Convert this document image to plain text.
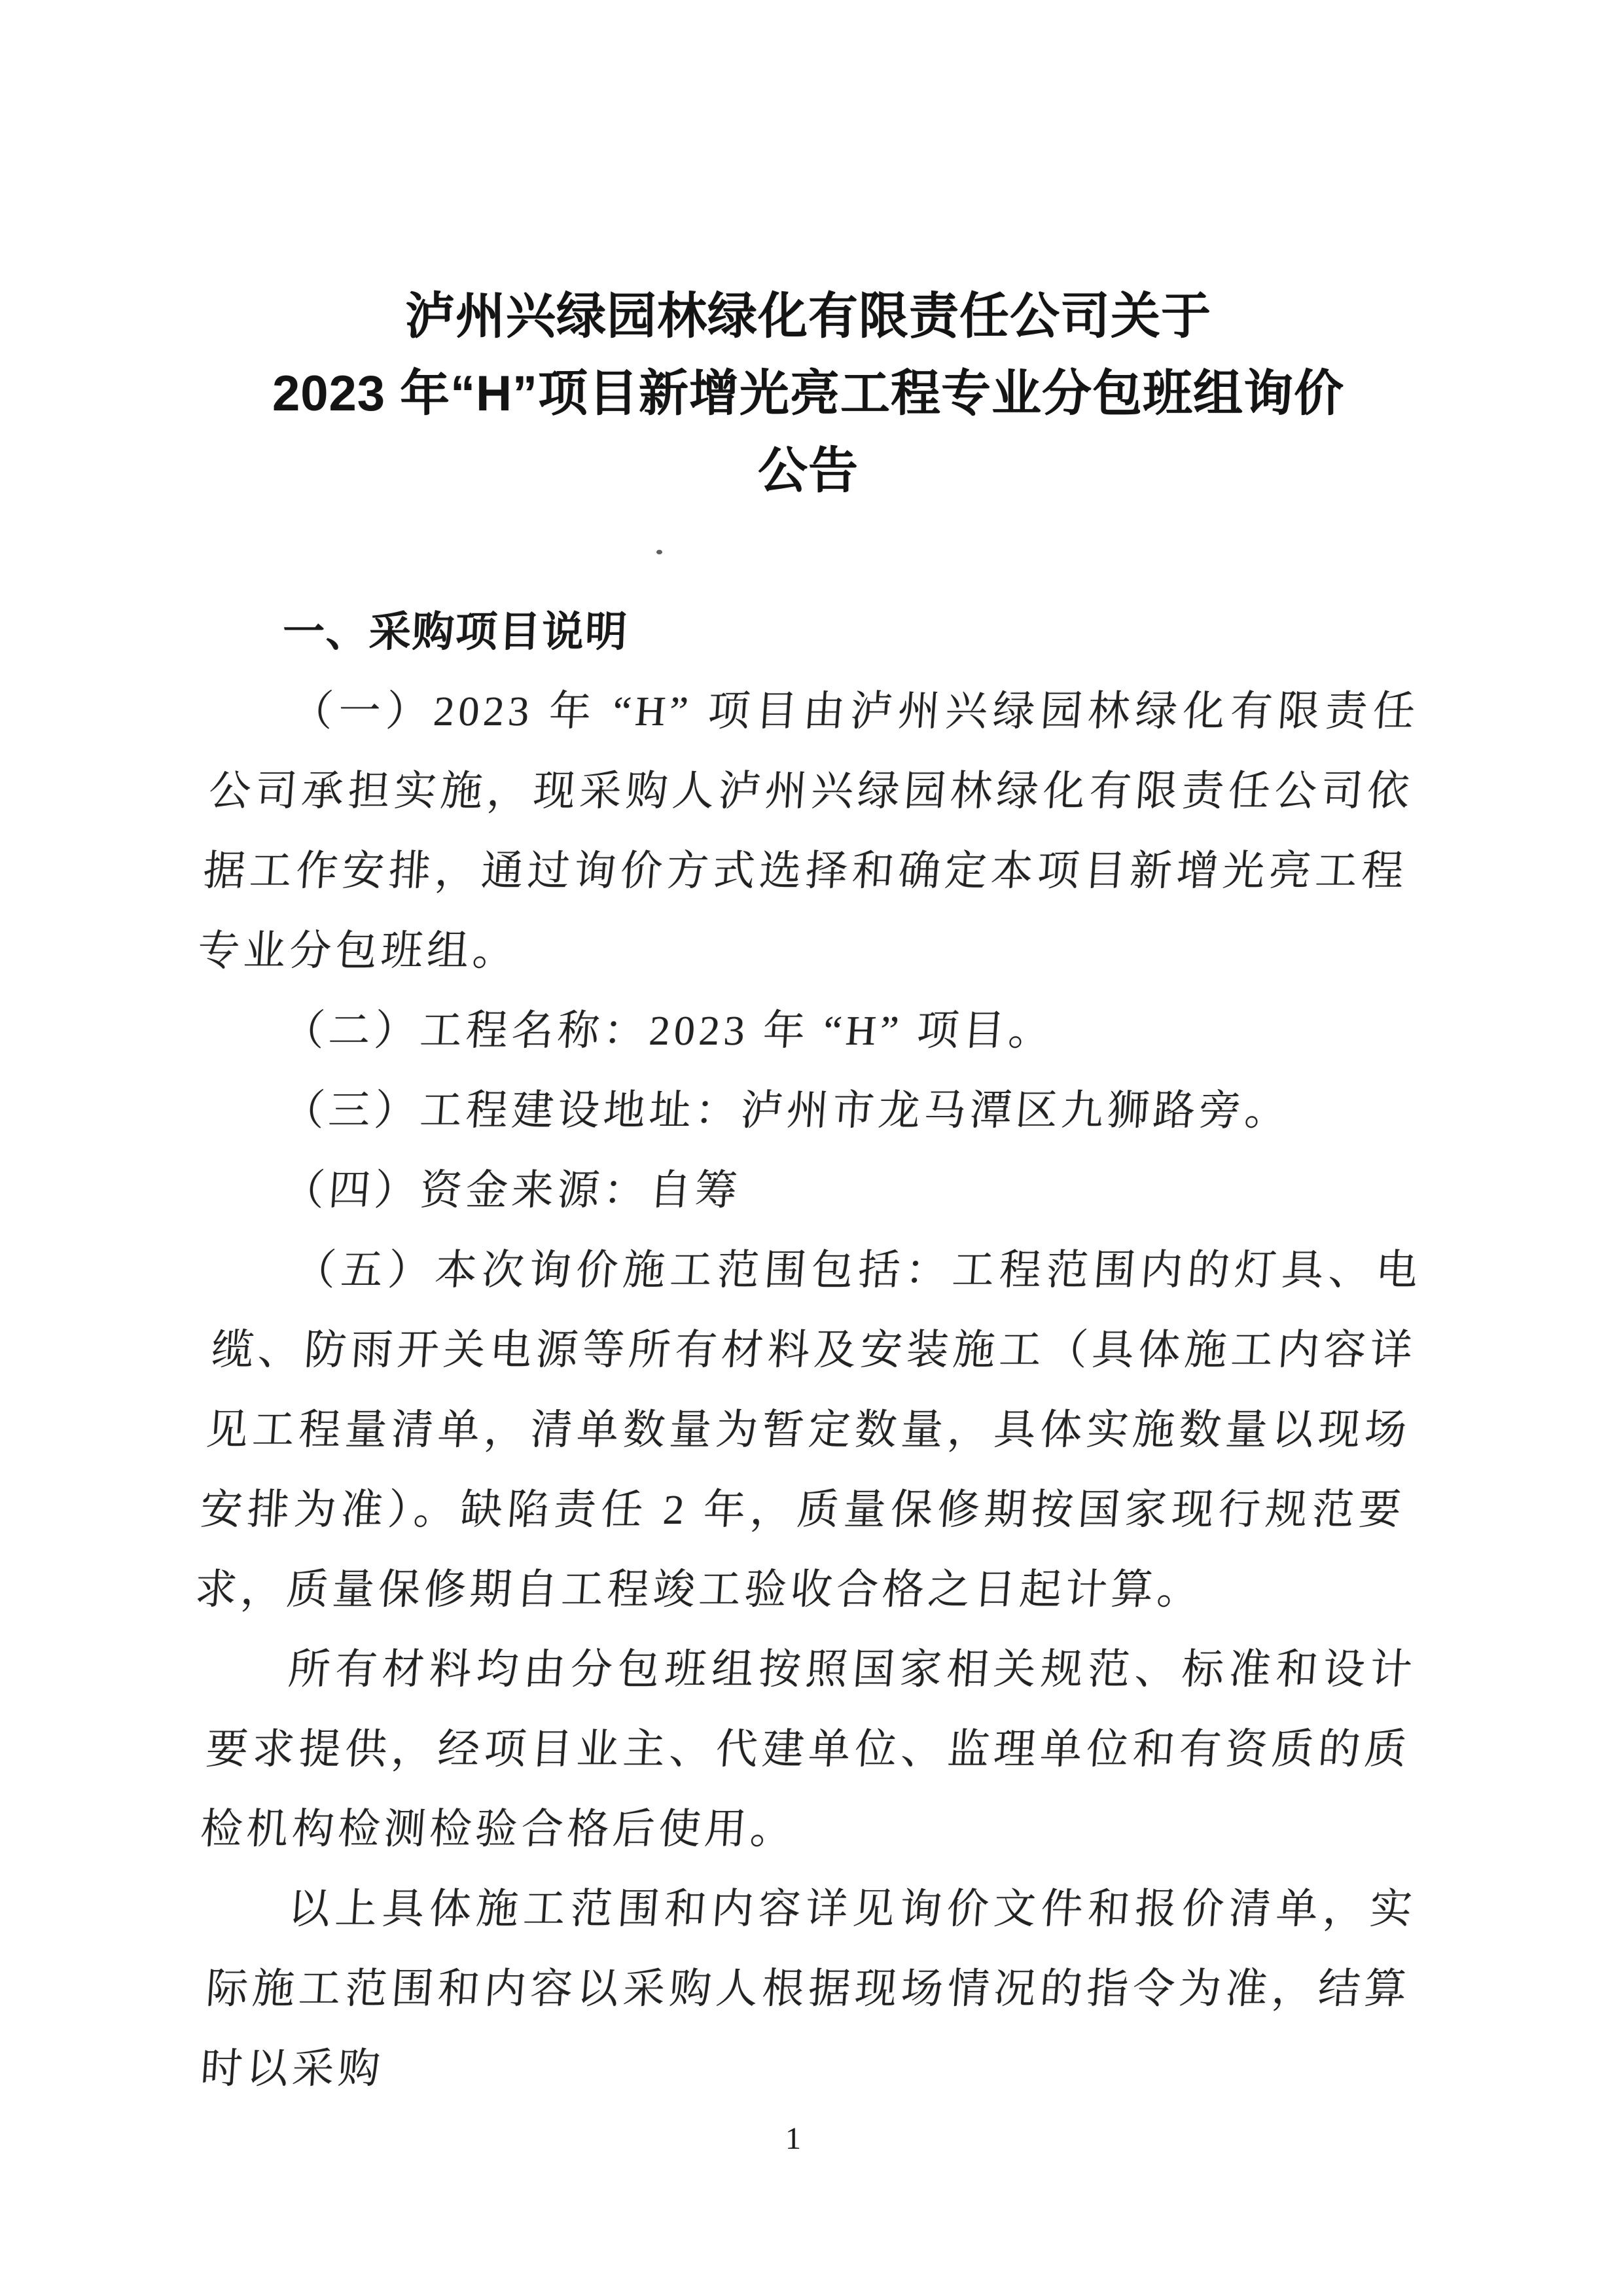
泸州兴绿园林绿化有限责任公司关于
2023 年“H”项目新增光亮工程专业分包班组询价
公告
一、采购项目说明

（一）2023 年 “H” 项目由泸州兴绿园林绿化有限责任公司承担实施，现采购人泸州兴绿园林绿化有限责任公司依据工作安排，通过询价方式选择和确定本项目新增光亮工程专业分包班组。

（二）工程名称：2023 年 “H” 项目。

（三）工程建设地址：泸州市龙马潭区九狮路旁。

（四）资金来源：自筹

（五）本次询价施工范围包括：工程范围内的灯具、电缆、防雨开关电源等所有材料及安装施工（具体施工内容详见工程量清单，清单数量为暂定数量，具体实施数量以现场安排为准）。缺陷责任 2 年，质量保修期按国家现行规范要求，质量保修期自工程竣工验收合格之日起计算。

所有材料均由分包班组按照国家相关规范、标准和设计要求提供，经项目业主、代建单位、监理单位和有资质的质检机构检测检验合格后使用。

以上具体施工范围和内容详见询价文件和报价清单，实际施工范围和内容以采购人根据现场情况的指令为准，结算时以采购

1
